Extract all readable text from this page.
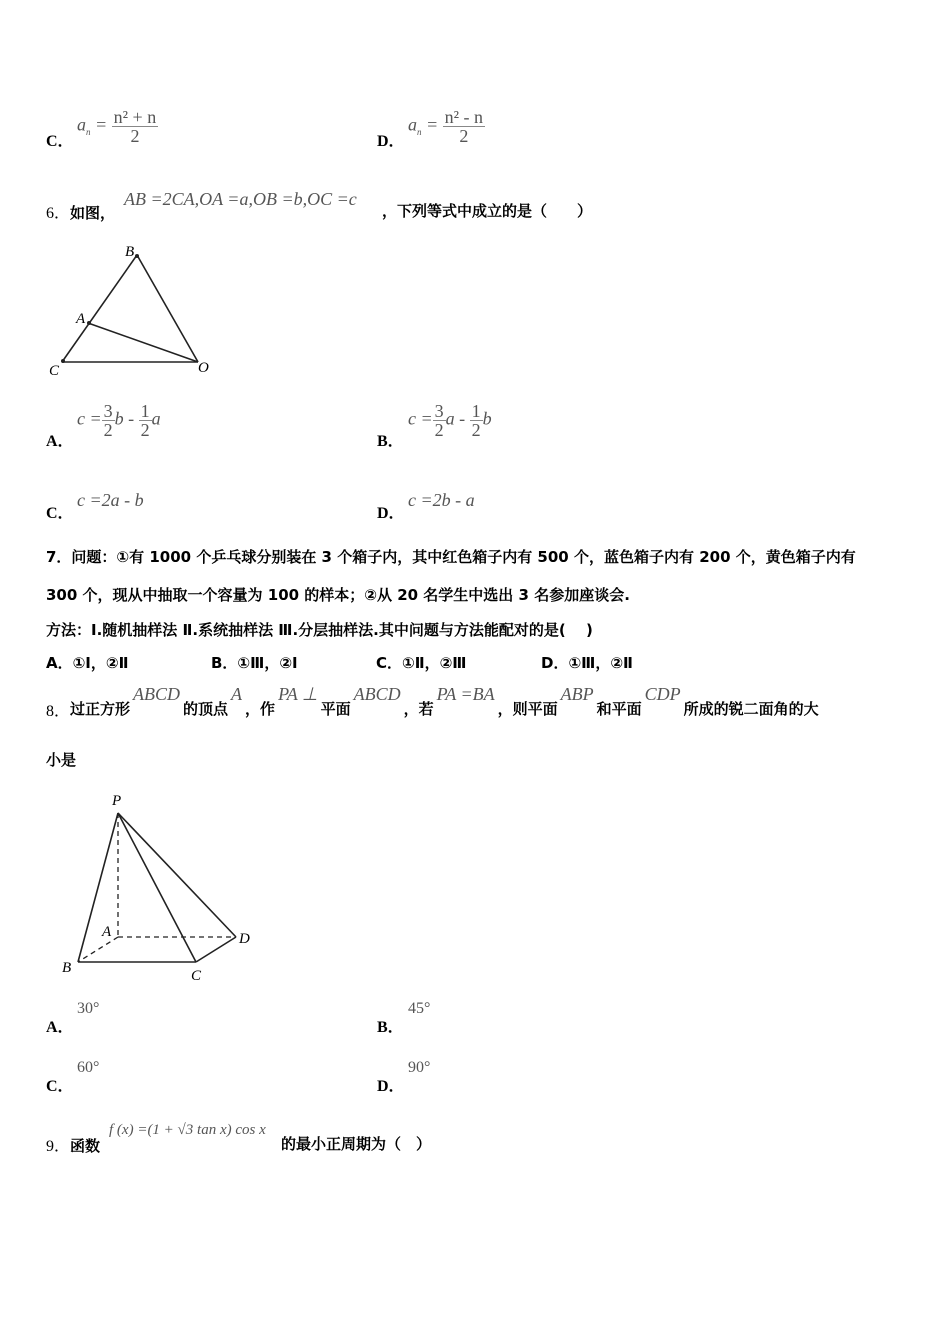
C．
$a_n = \frac{\text{n² + n}}{2}$	D．
$a_n = \frac{\text{n² - n}}{2}$
6．如图，
AB =2CA,OA =a,OB =b,OC =c
，下列等式中成立的是（　　）
B
A
C	O
A．
$c = \frac{3}{2}$ b - $\frac{1}{2}$ a
B．
$c = \frac{3}{2}$ a - $\frac{1}{2}$ b
C．
c =2a - b
D．
c =2b - a
7．问题：①有 1000 个乒乓球分别装在 3 个箱子内，其中红色箱子内有 500 个，蓝色箱子内有 200 个，黄色箱子内有
300 个，现从中抽取一个容量为 100 的样本；②从 20 名学生中选出 3 名参加座谈会.
方法：Ⅰ.随机抽样法 Ⅱ.系统抽样法 Ⅲ.分层抽样法.其中问题与方法能配对的是(　 )
A．①Ⅰ，②Ⅱ	B．①Ⅲ，②Ⅰ	C．①Ⅱ，②Ⅲ	D．①Ⅲ，②Ⅱ
8． 过正方形
ABCD
的顶点
A
，作
PA ⊥
平面
ABCD
，若
PA =BA
，则平面
ABP
和平面
CDP
所成的锐二面角的大
小是
P
A
B	C
D
A．
30°
B．
45°
C．
60°
D．
90°
9．函数
f (x) =(1 + √3 tan x) cos x
的最小正周期为（　）
